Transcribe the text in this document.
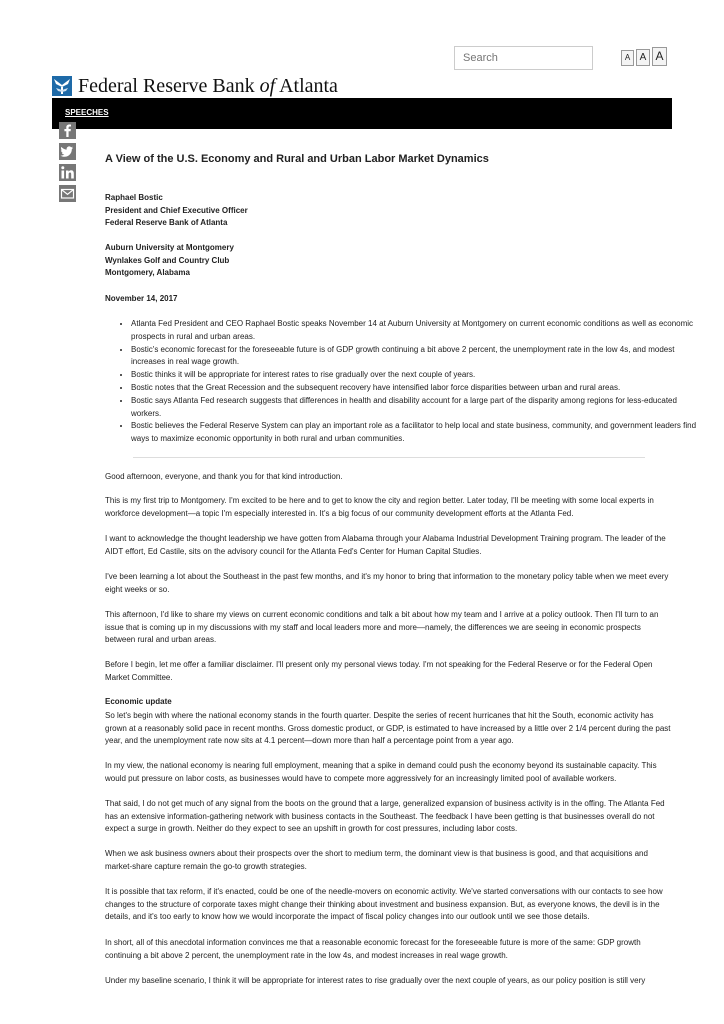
Search
A A A
Federal Reserve Bank of Atlanta
SPEECHES
A View of the U.S. Economy and Rural and Urban Labor Market Dynamics
Raphael Bostic
President and Chief Executive Officer
Federal Reserve Bank of Atlanta
Auburn University at Montgomery
Wynlakes Golf and Country Club
Montgomery, Alabama
November 14, 2017
• Atlanta Fed President and CEO Raphael Bostic speaks November 14 at Auburn University at Montgomery on current economic conditions as well as economic prospects in rural and urban areas.
• Bostic's economic forecast for the foreseeable future is of GDP growth continuing a bit above 2 percent, the unemployment rate in the low 4s, and modest increases in real wage growth.
• Bostic thinks it will be appropriate for interest rates to rise gradually over the next couple of years.
• Bostic notes that the Great Recession and the subsequent recovery have intensified labor force disparities between urban and rural areas.
• Bostic says Atlanta Fed research suggests that differences in health and disability account for a large part of the disparity among regions for less-educated workers.
• Bostic believes the Federal Reserve System can play an important role as a facilitator to help local and state business, community, and government leaders find ways to maximize economic opportunity in both rural and urban communities.

Good afternoon, everyone, and thank you for that kind introduction.

This is my first trip to Montgomery. I'm excited to be here and to get to know the city and region better. Later today, I'll be meeting with some local experts in workforce development—a topic I'm especially interested in. It's a big focus of our community development efforts at the Atlanta Fed.

I want to acknowledge the thought leadership we have gotten from Alabama through your Alabama Industrial Development Training program. The leader of the AIDT effort, Ed Castile, sits on the advisory council for the Atlanta Fed's Center for Human Capital Studies.

I've been learning a lot about the Southeast in the past few months, and it's my honor to bring that information to the monetary policy table when we meet every eight weeks or so.

This afternoon, I'd like to share my views on current economic conditions and talk a bit about how my team and I arrive at a policy outlook. Then I'll turn to an issue that is coming up in my discussions with my staff and local leaders more and more—namely, the differences we are seeing in economic prospects between rural and urban areas.

Before I begin, let me offer a familiar disclaimer. I'll present only my personal views today. I'm not speaking for the Federal Reserve or for the Federal Open Market Committee.

Economic update

So let's begin with where the national economy stands in the fourth quarter. Despite the series of recent hurricanes that hit the South, economic activity has grown at a reasonably solid pace in recent months. Gross domestic product, or GDP, is estimated to have increased by a little over 2 1/4 percent during the past year, and the unemployment rate now sits at 4.1 percent—down more than half a percentage point from a year ago.

In my view, the national economy is nearing full employment, meaning that a spike in demand could push the economy beyond its sustainable capacity. This would put pressure on labor costs, as businesses would have to compete more aggressively for an increasingly limited pool of available workers.

That said, I do not get much of any signal from the boots on the ground that a large, generalized expansion of business activity is in the offing. The Atlanta Fed has an extensive information-gathering network with business contacts in the Southeast. The feedback I have been getting is that businesses overall do not expect a surge in growth. Neither do they expect to see an upshift in growth for cost pressures, including labor costs.

When we ask business owners about their prospects over the short to medium term, the dominant view is that business is good, and that acquisitions and market-share capture remain the go-to growth strategies.

It is possible that tax reform, if it's enacted, could be one of the needle-movers on economic activity. We've started conversations with our contacts to see how changes to the structure of corporate taxes might change their thinking about investment and business expansion. But, as everyone knows, the devil is in the details, and it's too early to know how we would incorporate the impact of fiscal policy changes into our outlook until we see those details.

In short, all of this anecdotal information convinces me that a reasonable economic forecast for the foreseeable future is more of the same: GDP growth continuing a bit above 2 percent, the unemployment rate in the low 4s, and modest increases in real wage growth.

Under my baseline scenario, I think it will be appropriate for interest rates to rise gradually over the next couple of years, as our policy position is still very
